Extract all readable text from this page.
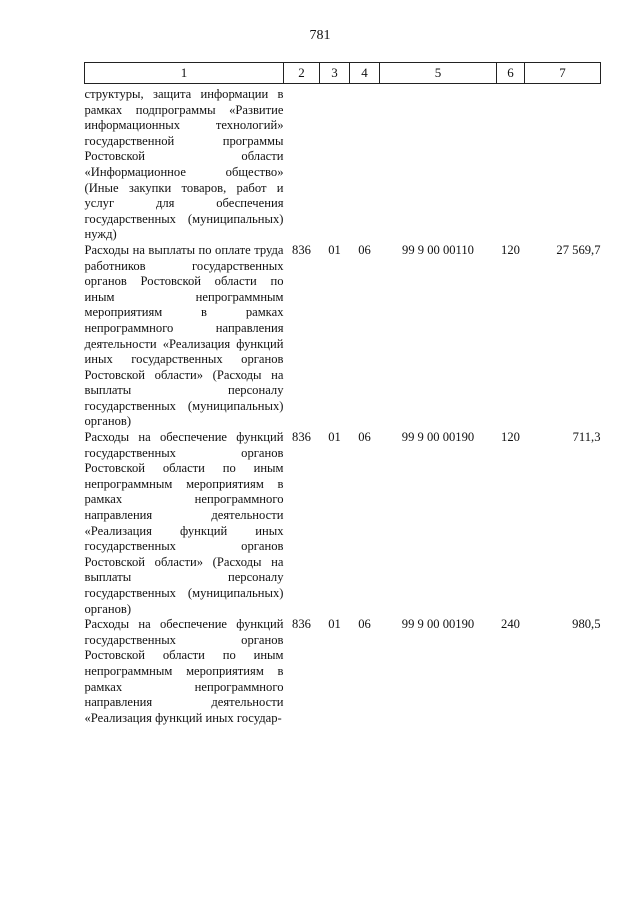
781
1	2	3	4	5	6	7
структуры, защита информации в рамках подпрограммы «Развитие информационных технологий» государственной программы Ростовской области «Информационное общество» (Иные закупки товаров, работ и услуг для обеспечения государственных (муниципальных) нужд)						
Расходы на выплаты по оплате труда работников государственных органов Ростовской области по иным непрограммным мероприятиям в рамках непрограммного направления деятельности «Реализация функций иных государственных органов Ростовской области» (Расходы на выплаты персоналу государственных (муниципальных) органов)	836	01	06	99 9 00 00110	120	27 569,7
Расходы на обеспечение функций государственных органов Ростовской области по иным непрограммным мероприятиям в рамках непрограммного направления деятельности «Реализация функций иных государственных органов Ростовской области» (Расходы на выплаты персоналу государственных (муниципальных) органов)	836	01	06	99 9 00 00190	120	711,3
Расходы на обеспечение функций государственных органов Ростовской области по иным непрограммным мероприятиям в рамках непрограммного направления деятельности «Реализация функций иных государ-	836	01	06	99 9 00 00190	240	980,5
